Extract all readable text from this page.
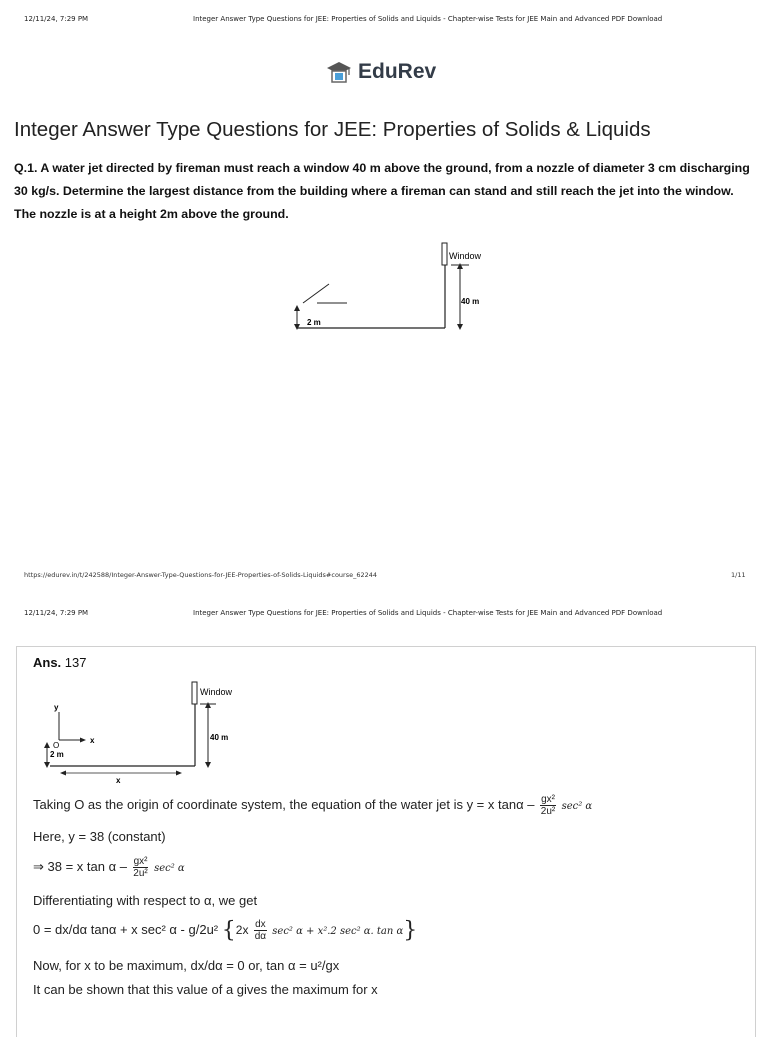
12/11/24, 7:29 PM	Integer Answer Type Questions for JEE: Properties of Solids and Liquids - Chapter-wise Tests for JEE Main and Advanced PDF Download
EduRev
Integer Answer Type Questions for JEE: Properties of Solids & Liquids
Q.1. A water jet directed by fireman must reach a window 40 m above the ground, from a nozzle of diameter 3 cm discharging 30 kg/s. Determine the largest distance from the building where a fireman can stand and still reach the jet into the window. The nozzle is at a height 2m above the ground.
Window
40 m
2 m
https://edurev.in/t/242588/Integer-Answer-Type-Questions-for-JEE-Properties-of-Solids-Liquids#course_62244	1/11
12/11/24, 7:29 PM	Integer Answer Type Questions for JEE: Properties of Solids and Liquids - Chapter-wise Tests for JEE Main and Advanced PDF Download
Ans. 137
Window
40 m
y
x
O
2 m
x
Taking O as the origin of coordinate system, the equation of the water jet is y = x tanα – $\frac{\text{gx²}}{\text{2u²}} \sec^2$ α
Here, y = 38 (constant)
⇒ 38 = x tan α – $\frac{\text{gx²}}{\text{2u²}} \sec^2$ α
Differentiating with respect to α, we get
0 = dx/dα tanα + x sec² α - g/2u² {$2x \frac{dx}{d\alpha} \sec^2$ α + x².2 sec² α. tan α}
Now, for x to be maximum, dx/dα = 0 or, tan α = u²/gx
It can be shown that this value of a gives the maximum for x
